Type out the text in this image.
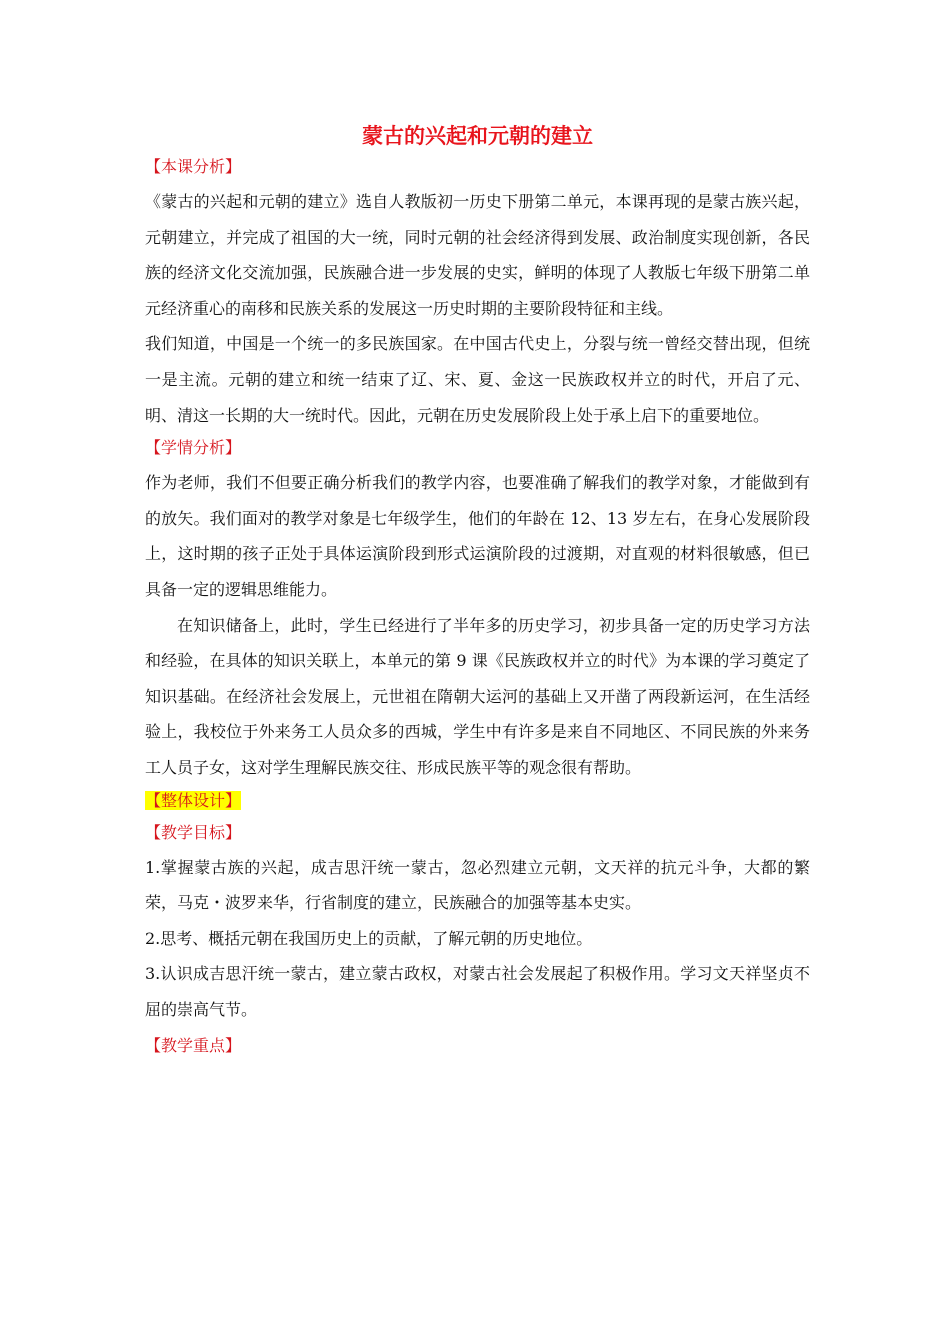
蒙古的兴起和元朝的建立
【本课分析】

《蒙古的兴起和元朝的建立》选自人教版初一历史下册第二单元，本课再现的是蒙古族兴起，元朝建立，并完成了祖国的大一统，同时元朝的社会经济得到发展、政治制度实现创新，各民族的经济文化交流加强，民族融合进一步发展的史实，鲜明的体现了人教版七年级下册第二单元经济重心的南移和民族关系的发展这一历史时期的主要阶段特征和主线。

我们知道，中国是一个统一的多民族国家。在中国古代史上，分裂与统一曾经交替出现，但统一是主流。元朝的建立和统一结束了辽、宋、夏、金这一民族政权并立的时代，开启了元、明、清这一长期的大一统时代。因此，元朝在历史发展阶段上处于承上启下的重要地位。

【学情分析】

作为老师，我们不但要正确分析我们的教学内容，也要准确了解我们的教学对象，才能做到有的放矢。我们面对的教学对象是七年级学生，他们的年龄在 12、13 岁左右，在身心发展阶段上，这时期的孩子正处于具体运演阶段到形式运演阶段的过渡期，对直观的材料很敏感，但已具备一定的逻辑思维能力。

在知识储备上，此时，学生已经进行了半年多的历史学习，初步具备一定的历史学习方法和经验，在具体的知识关联上，本单元的第 9 课《民族政权并立的时代》为本课的学习奠定了知识基础。在经济社会发展上，元世祖在隋朝大运河的基础上又开凿了两段新运河，在生活经验上，我校位于外来务工人员众多的西城，学生中有许多是来自不同地区、不同民族的外来务工人员子女，这对学生理解民族交往、形成民族平等的观念很有帮助。

【整体设计】
【教学目标】

1.掌握蒙古族的兴起，成吉思汗统一蒙古，忽必烈建立元朝，文天祥的抗元斗争，大都的繁荣，马克・波罗来华，行省制度的建立，民族融合的加强等基本史实。

2.思考、概括元朝在我国历史上的贡献，了解元朝的历史地位。

3.认识成吉思汗统一蒙古，建立蒙古政权，对蒙古社会发展起了积极作用。学习文天祥坚贞不屈的崇高气节。

【教学重点】
